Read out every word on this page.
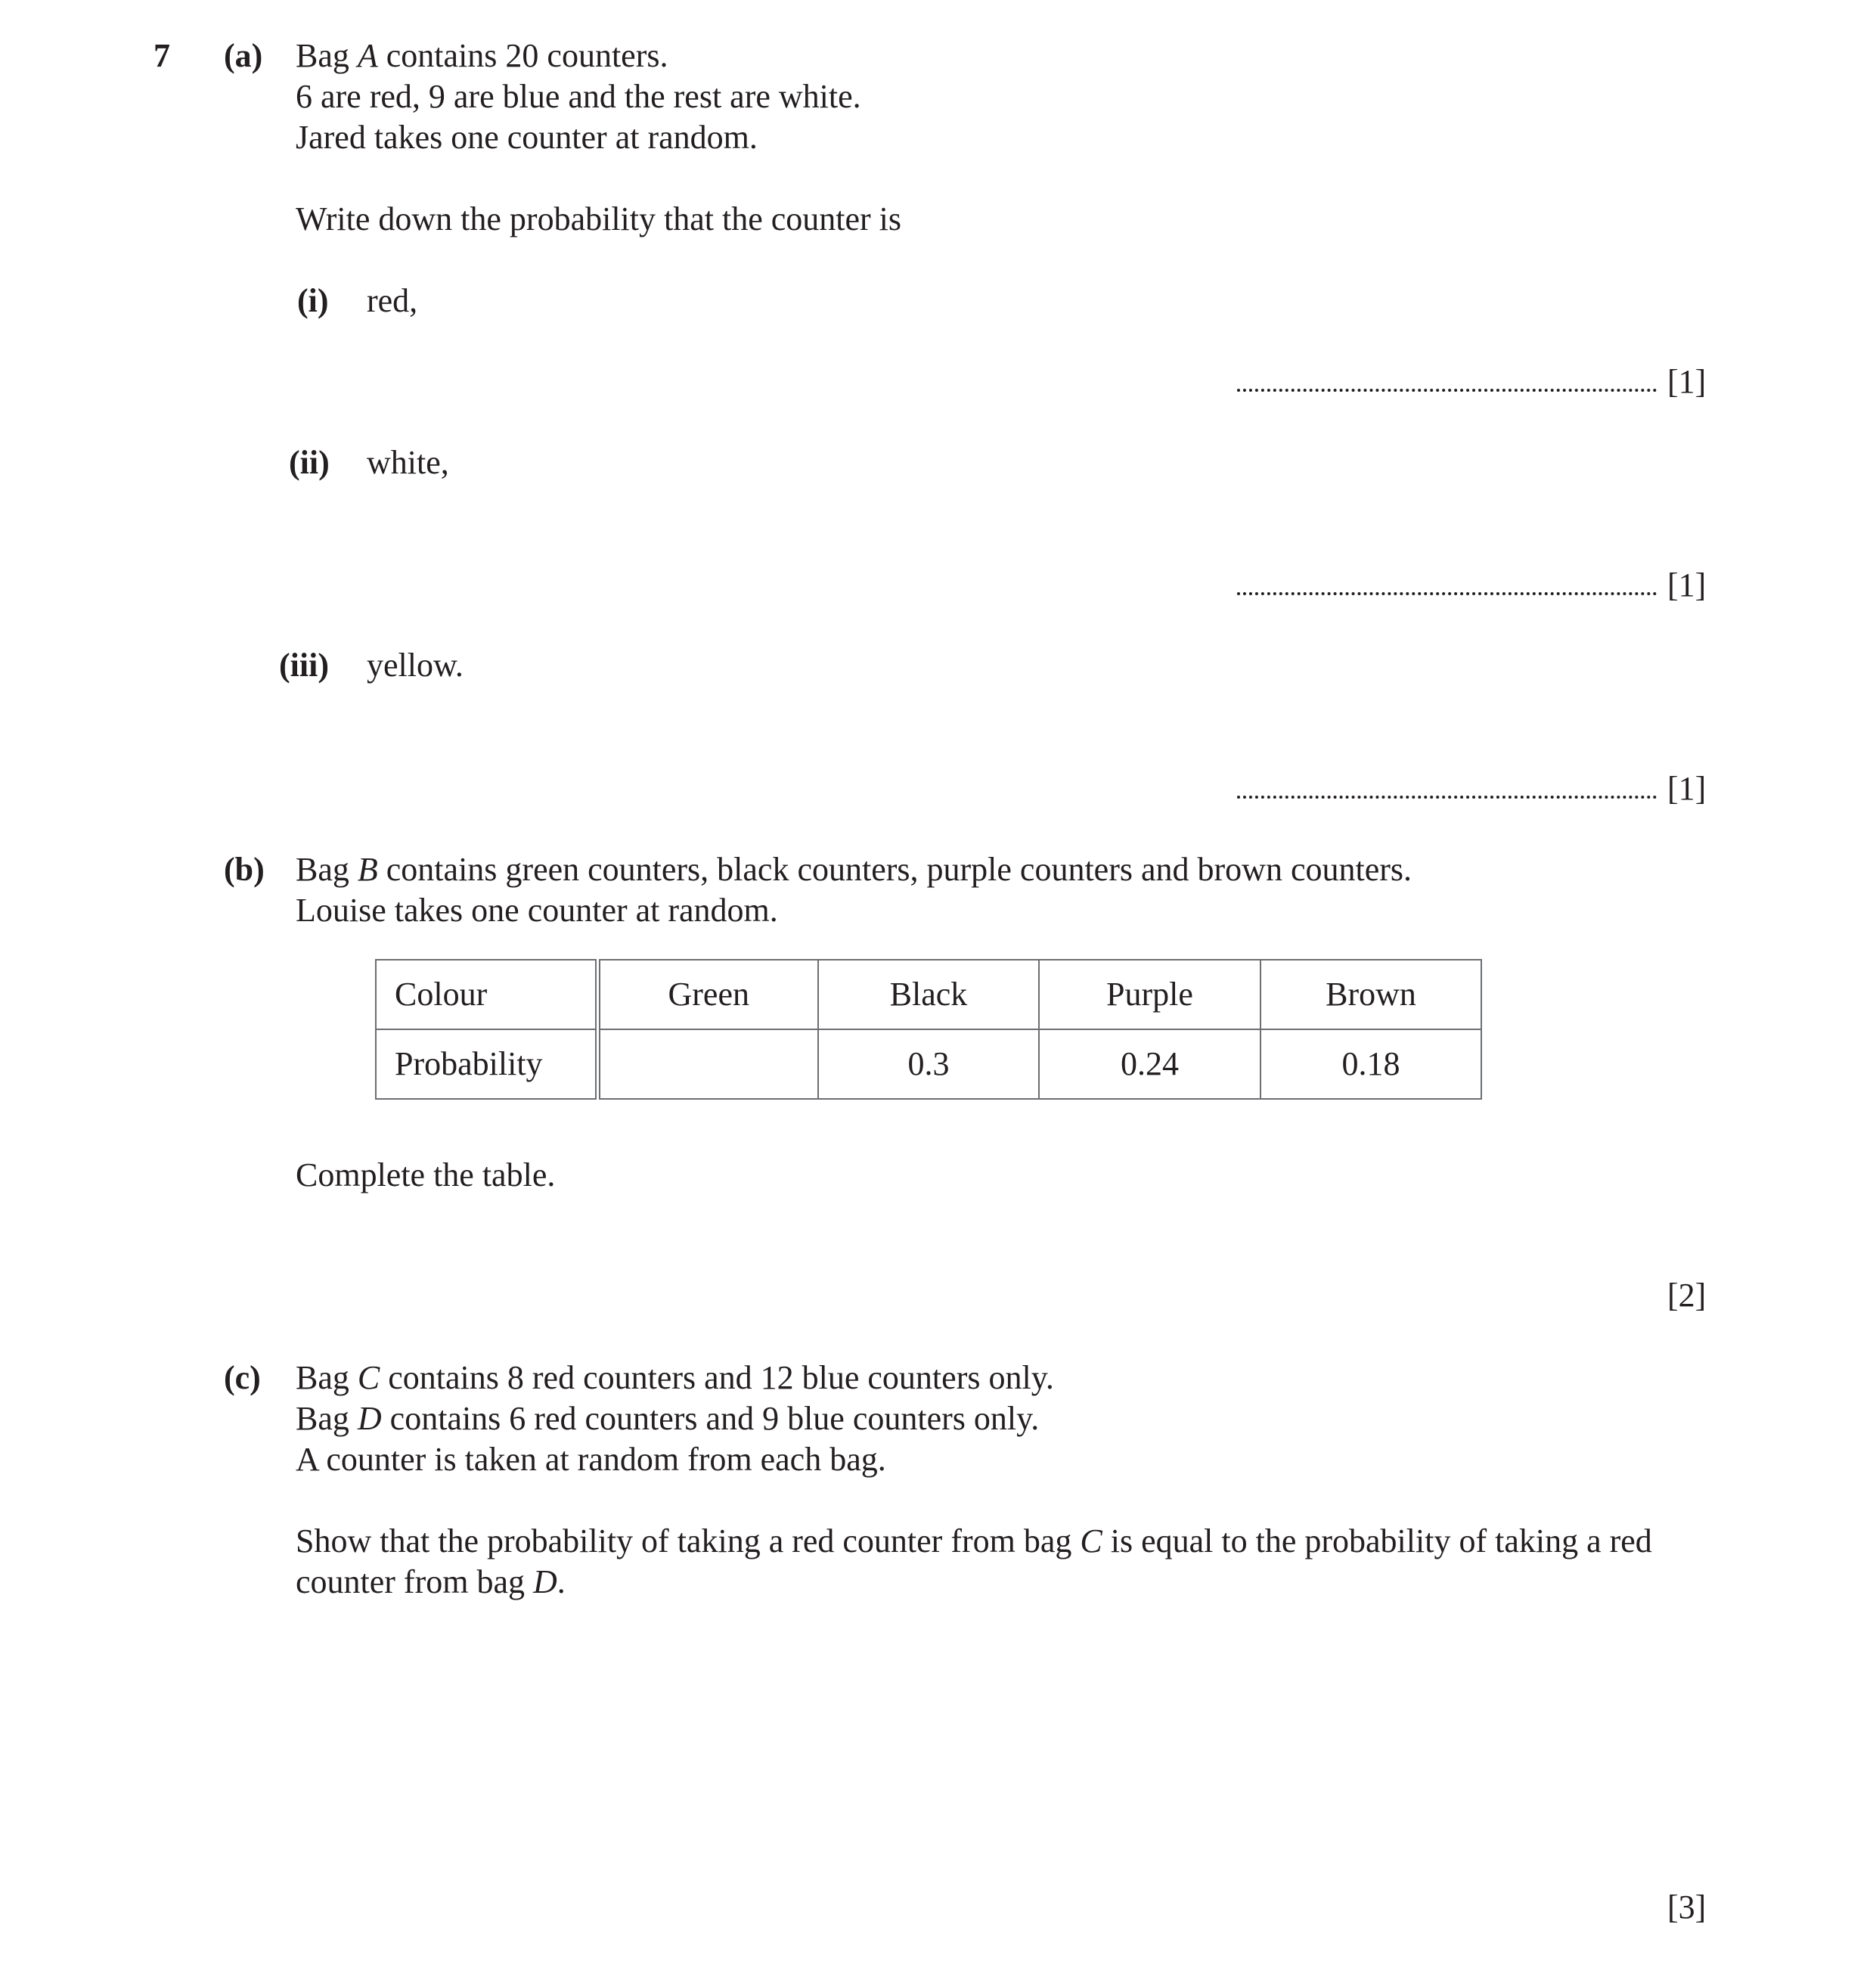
7 (a) Bag A contains 20 counters.
6 are red, 9 are blue and the rest are white.
Jared takes one counter at random.
Write down the probability that the counter is
(i) red,
[1]
(ii) white,
[1]
(iii) yellow.
[1]
(b) Bag B contains green counters, black counters, purple counters and brown counters.
Louise takes one counter at random.
Colour	Green	Black	Purple	Brown
Probability		0.3	0.24	0.18
Complete the table.
[2]
(c) Bag C contains 8 red counters and 12 blue counters only.
Bag D contains 6 red counters and 9 blue counters only.
A counter is taken at random from each bag.
Show that the probability of taking a red counter from bag C is equal to the probability of taking a red
counter from bag D.
[3]
